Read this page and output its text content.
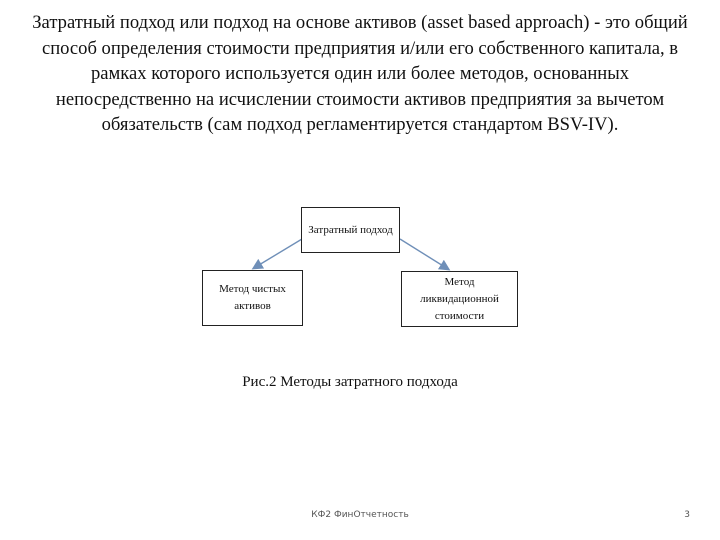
Затратный подход или подход на основе активов (asset based approach) - это общий способ определения стоимости предприятия и/или его собственного капитала, в рамках которого используется один или более методов, основанных непосредственно на исчислении стоимости активов предприятия за вычетом обязательств (сам подход регламентируется стандартом BSV-IV).

Затратный подход
Метод чистых активов
Метод ликвидационной стоимости

Рис.2 Методы затратного подхода

КФ2 ФинОтчетность	3
